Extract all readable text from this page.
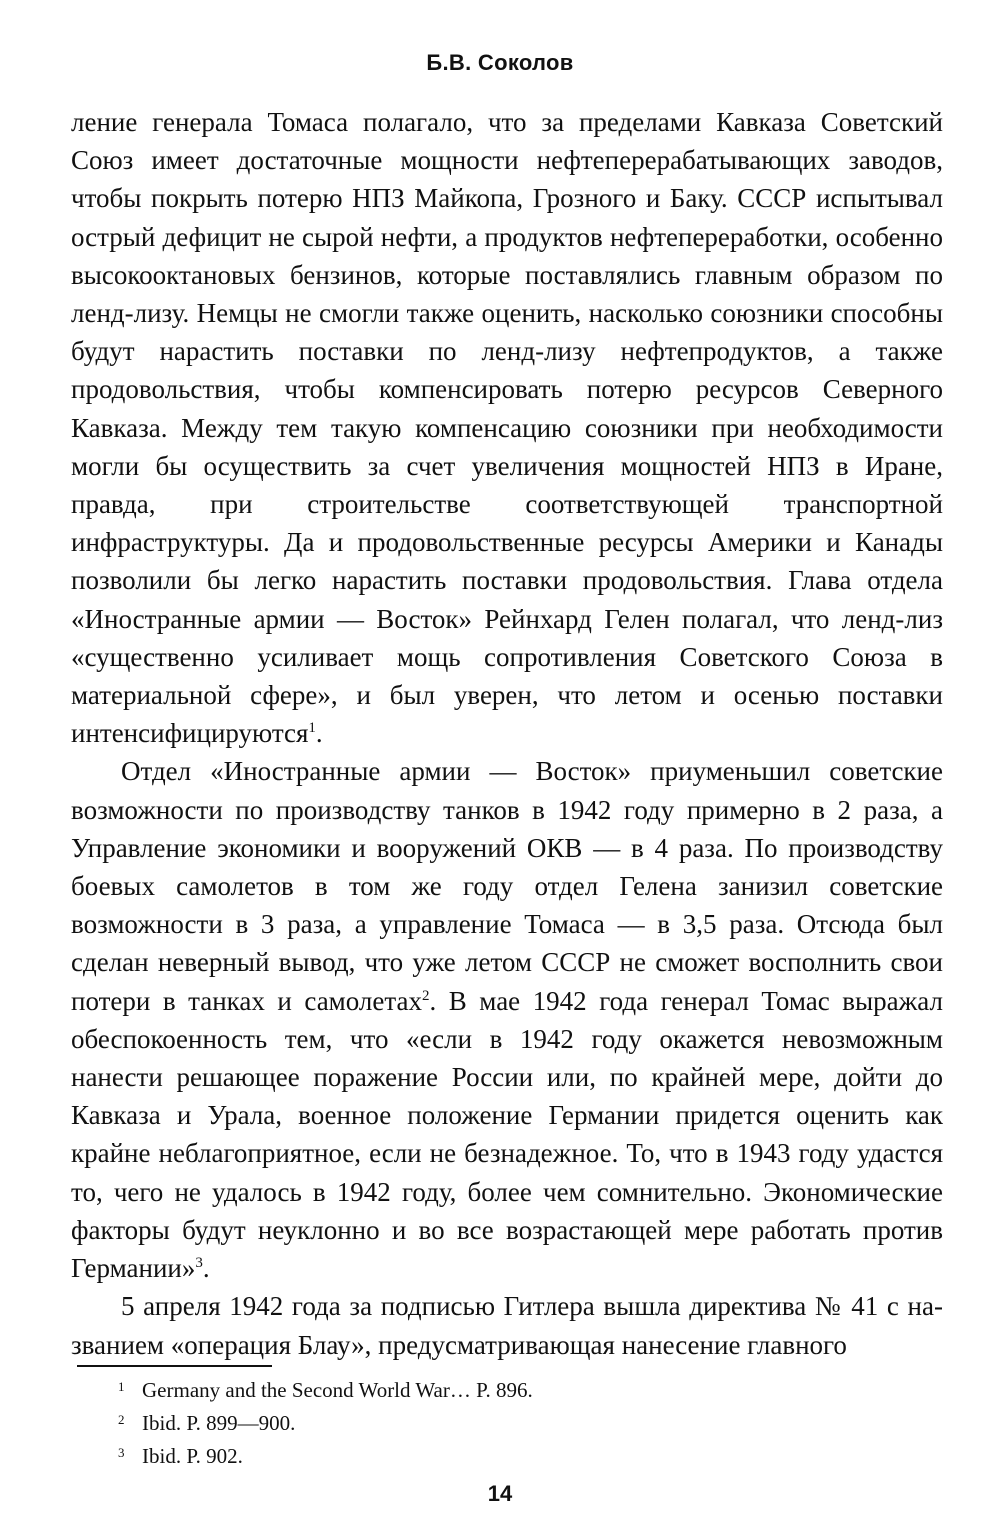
Б.В. Соколов

ление генерала Томаса полагало, что за пределами Кавказа Советский Союз имеет достаточные мощности нефтеперерабатывающих заводов, чтобы покрыть потерю НПЗ Майкопа, Грозного и Баку. СССР испытывал острый дефицит не сырой нефти, а продуктов нефтепереработки, особенно высокооктановых бензинов, которые поставлялись главным образом по ленд-лизу. Немцы не смогли также оценить, насколько союзники способны будут нарастить поставки по ленд-лизу нефтепродуктов, а также продовольствия, чтобы компенсировать потерю ресурсов Северного Кавказа. Между тем такую компенсацию союзники при необходимости могли бы осуществить за счет увеличения мощностей НПЗ в Иране, правда, при строительстве соответствующей транспортной инфраструктуры. Да и продовольственные ресурсы Америки и Канады позволили бы легко нарастить поставки продовольствия. Глава отдела «Иностранные армии — Восток» Рейнхард Гелен полагал, что ленд-лиз «существенно усиливает мощь сопротивления Советского Союза в материальной сфере», и был уверен, что летом и осенью поставки интенсифицируются$^1$.

Отдел «Иностранные армии — Восток» приуменьшил советские возможности по производству танков в 1942 году примерно в 2 раза, а Управление экономики и вооружений ОКВ — в 4 раза. По производству боевых самолетов в том же году отдел Гелена занизил советские возможности в 3 раза, а управление Томаса — в 3,5 раза. Отсюда был сделан неверный вывод, что уже летом СССР не сможет восполнить свои потери в танках и самолетах$^2$. В мае 1942 года генерал Томас выражал обеспокоенность тем, что «если в 1942 году окажется невозможным нанести решающее поражение России или, по крайней мере, дойти до Кавказа и Урала, военное положение Германии придется оценить как крайне неблагоприятное, если не безнадежное. То, что в 1943 году удастся то, чего не удалось в 1942 году, более чем сомнительно. Экономические факторы будут неуклонно и во все возрастающей мере работать против Германии»$^3$.

5 апреля 1942 года за подписью Гитлера вышла директива № 41 с названием «операция Блау», предусматривающая нанесение главного

1 Germany and the Second World War… P. 896.

2 Ibid. P. 899—900.

3 Ibid. P. 902.

14
